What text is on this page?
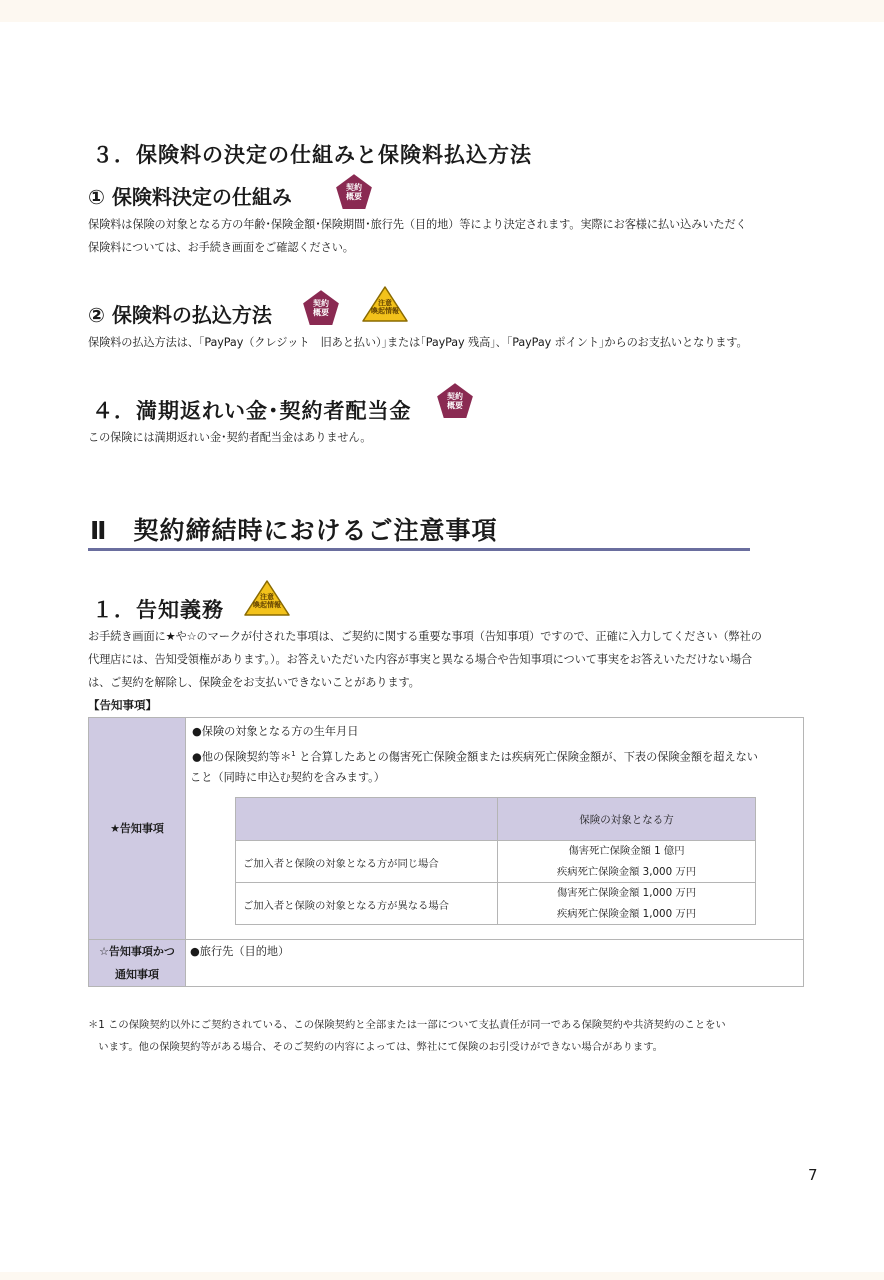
３．保険料の決定の仕組みと保険料払込方法
① 保険料決定の仕組み	契約
概要
保険料は保険の対象となる方の年齢･保険金額･保険期間･旅行先（目的地）等により決定されます。実際にお客様に払い込みいただく
保険料については、お手続き画面をご確認ください。
② 保険料の払込方法	契約
概要
注意
喚起情報
保険料の払込方法は、｢PayPay（クレジット　旧あと払い）｣または｢PayPay 残高｣、｢PayPay ポイント｣からのお支払いとなります。
４．満期返れい金･契約者配当金
契約
概要
この保険には満期返れい金･契約者配当金はありません。
Ⅱ　契約締結時におけるご注意事項
１．告知義務
注意
喚起情報
お手続き画面に★や☆のマークが付された事項は、ご契約に関する重要な事項（告知事項）ですので、正確に入力してください（弊社の
代理店には、告知受領権があります。）。お答えいただいた内容が事実と異なる場合や告知事項について事実をお答えいただけない場合
は、ご契約を解除し、保険金をお支払いできないことがあります。
【告知事項】
★告知事項
●保険の対象となる方の生年月日
●他の保険契約等＊$^1$ と合算したあとの傷害死亡保険金額または疾病死亡保険金額が、下表の保険金額を超えない
こと（同時に申込む契約を含みます。）
保険の対象となる方
ご加入者と保険の対象となる方が同じ場合
傷害死亡保険金額 1 億円
疾病死亡保険金額 3,000 万円
ご加入者と保険の対象となる方が異なる場合
傷害死亡保険金額 1,000 万円
疾病死亡保険金額 1,000 万円
☆告知事項かつ
通知事項
●旅行先（目的地）
＊1 この保険契約以外にご契約されている、この保険契約と全部または一部について支払責任が同一である保険契約や共済契約のことをい
　います。他の保険契約等がある場合、そのご契約の内容によっては、弊社にて保険のお引受けができない場合があります。
7
